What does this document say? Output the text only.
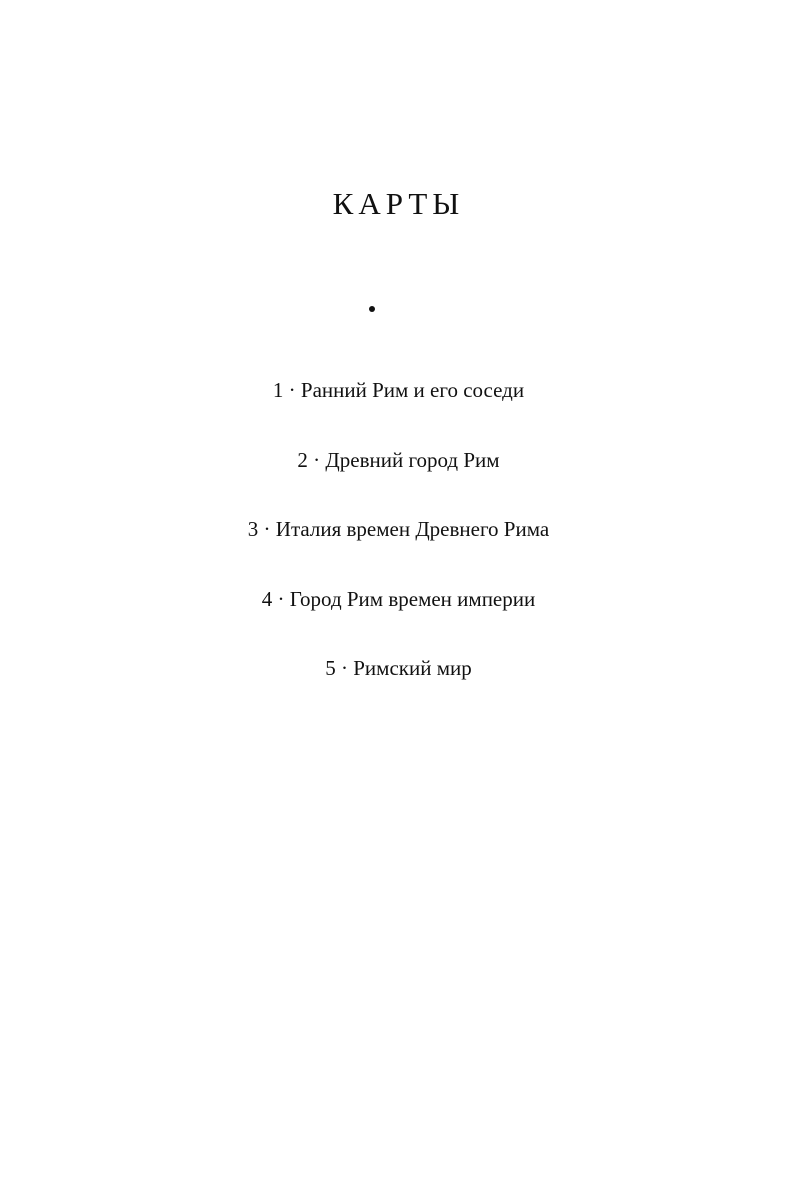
КАРТЫ
1 · Ранний Рим и его соседи
2 · Древний город Рим
3 · Италия времен Древнего Рима
4 · Город Рим времен империи
5 · Римский мир
